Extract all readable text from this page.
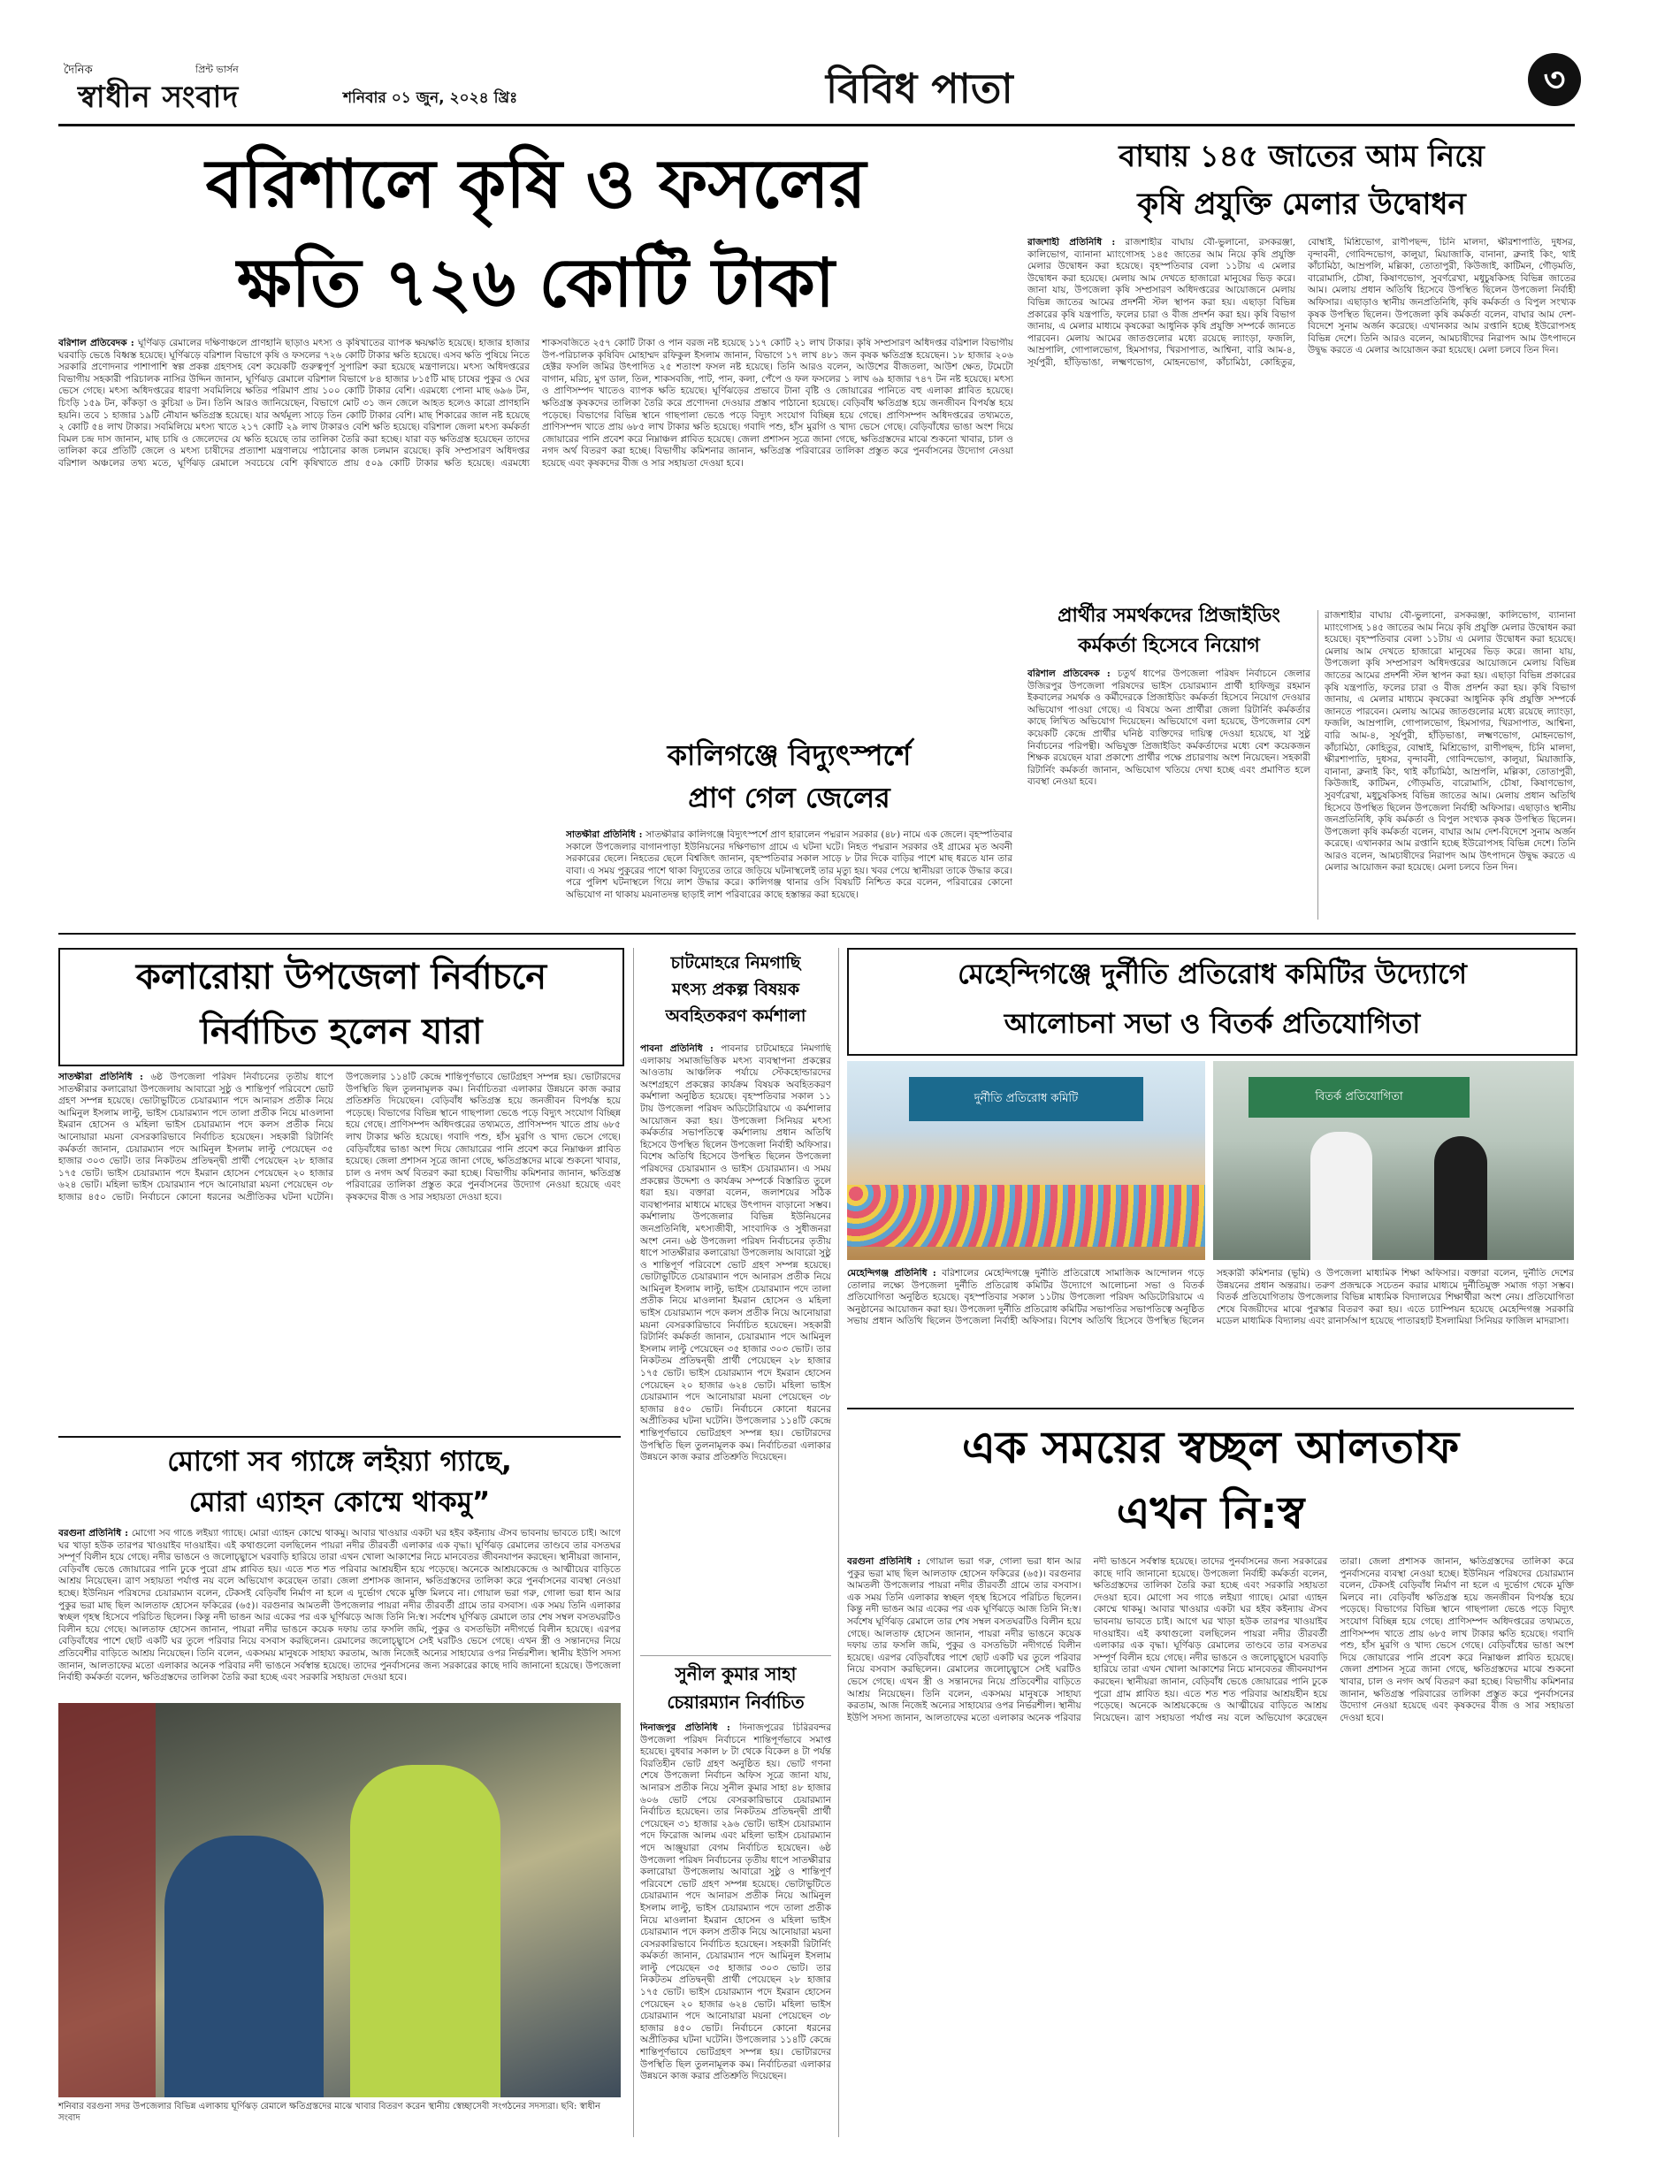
দৈনিক	প্রিন্ট ভার্সন
স্বাধীন সংবাদ	শনিবার ০১ জুন, ২০২৪ খ্রিঃ	বিবিধ পাতা	৩
বরিশালে কৃষি ও ফসলের
ক্ষতি ৭২৬ কোটি টাকা
বরিশাল প্রতিবেদক : ঘূর্ণিঝড় রেমালের দক্ষিণাঞ্চলে প্রাণহানি ছাড়াও মৎস্য ও কৃষিখাতের ব্যাপক ক্ষয়ক্ষতি হয়েছে। হাজার হাজার ঘরবাড়ি ভেঙে বিধ্বস্ত হয়েছে। ঘূর্ণিঝড়ে বরিশাল বিভাগে কৃষি ও ফসলের ৭২৬ কোটি টাকার ক্ষতি হয়েছে। এসব ক্ষতি পুষিয়ে নিতে সরকারি প্রণোদনার পাশাপাশি স্বল্প প্রকল্প গ্রহণসহ বেশ কয়েকটি গুরুত্বপূর্ণ সুপারিশ করা হয়েছে মন্ত্রণালয়ে। মৎস্য অধিদপ্তরের বিভাগীয় সহকারী পরিচালক নাসির উদ্দিন জানান, ঘূর্ণিঝড় রেমালে বরিশাল বিভাগে ৮৪ হাজার ৮১৫টি মাছ চাষের পুকুর ও ঘের ভেসে গেছে। মৎস্য অধিদপ্তরের ধারণা সবমিলিয়ে ক্ষতির পরিমাণ প্রায় ১০০ কোটি টাকার বেশি। এরমধ্যে পোনা মাছ ৬৯৬ টন, চিংড়ি ১৫৯ টন, কাঁকড়া ও কুচিয়া ৬ টন। তিনি আরও জানিয়েছেন, বিভাগে মোট ৩১ জন জেলে আহত হলেও কারো প্রাণহানি হয়নি। তবে ১ হাজার ১৯টি নৌযান ক্ষতিগ্রস্ত হয়েছে। যার অর্থমূল্য সাড়ে তিন কোটি টাকার বেশি। মাছ শিকারের জাল নষ্ট হয়েছে ২ কোটি ৫৪ লাখ টাকার। সবমিলিয়ে মৎস্য খাতে ২১৭ কোটি ২৯ লাখ টাকারও বেশি ক্ষতি হয়েছে। বরিশাল জেলা মৎস্য কর্মকর্তা বিমল চন্দ্র দাস জানান, মাছ চাষি ও জেলেদের যে ক্ষতি হয়েছে তার তালিকা তৈরি করা হচ্ছে। যারা বড় ক্ষতিগ্রস্ত হয়েছেন তাদের তালিকা করে প্রতিটি জেলে ও মৎস্য চাষীদের প্রত্যাশা মন্ত্রণালয়ে পাঠানোর কাজ চলমান রয়েছে। কৃষি সম্প্রসারণ অধিদপ্তর বরিশাল অঞ্চলের তথ্য মতে, ঘূর্ণিঝড় রেমালে সবচেয়ে বেশি কৃষিখাতে প্রায় ৫০৯ কোটি টাকার ক্ষতি হয়েছে। এরমধ্যে শাকসবজিতে ২৫৭ কোটি টাকা ও পান বরজ নষ্ট হয়েছে ১১৭ কোটি ২১ লাখ টাকার। কৃষি সম্প্রসারণ অধিদপ্তর বরিশাল বিভাগীয় উপ-পরিচালক কৃষিবিদ মোহাম্মদ রফিকুল ইসলাম জানান, বিভাগে ১৭ লাখ ৪৮১ জন কৃষক ক্ষতিগ্রস্ত হয়েছেন। ১৮ হাজার ২০৬ হেক্টর ফসলি জমির উৎপাদিত ২৫ শতাংশ ফসল নষ্ট হয়েছে। তিনি আরও বলেন, আউশের বীজতলা, আউশ ক্ষেত, টমেটো বাগান, মরিচ, মুগ ডাল, তিল, শাকসবজি, পাট, পান, কলা, পেঁপে ও ফল ফসলের ১ লাখ ৬৯ হাজার ৭৪৭ টন নষ্ট হয়েছে। মৎস্য ও প্রাণিসম্পদ খাতেও ব্যাপক ক্ষতি হয়েছে। ঘূর্ণিঝড়ের প্রভাবে টানা বৃষ্টি ও জোয়ারের পানিতে বহু এলাকা প্লাবিত হয়েছে। ক্ষতিগ্রস্ত কৃষকদের তালিকা তৈরি করে প্রণোদনা দেওয়ার প্রস্তাব পাঠানো হয়েছে। বেড়িবাঁধ ক্ষতিগ্রস্ত হয়ে জনজীবন বিপর্যস্ত হয়ে পড়েছে। বিভাগের বিভিন্ন স্থানে গাছপালা ভেঙে পড়ে বিদ্যুৎ সংযোগ বিচ্ছিন্ন হয়ে গেছে। প্রাণিসম্পদ অধিদপ্তরের তথ্যমতে, প্রাণিসম্পদ খাতে প্রায় ৬৮৫ লাখ টাকার ক্ষতি হয়েছে। গবাদি পশু, হাঁস মুরগি ও খাদ্য ভেসে গেছে। বেড়িবাঁধের ভাঙা অংশ দিয়ে জোয়ারের পানি প্রবেশ করে নিম্নাঞ্চল প্লাবিত হয়েছে। জেলা প্রশাসন সূত্রে জানা গেছে, ক্ষতিগ্রস্তদের মাঝে শুকনো খাবার, চাল ও নগদ অর্থ বিতরণ করা হচ্ছে। বিভাগীয় কমিশনার জানান, ক্ষতিগ্রস্ত পরিবারের তালিকা প্রস্তুত করে পুনর্বাসনের উদ্যোগ নেওয়া হয়েছে এবং কৃষকদের বীজ ও সার সহায়তা দেওয়া হবে।
বাঘায় ১৪৫ জাতের আম নিয়ে
কৃষি প্রযুক্তি মেলার উদ্বোধন
রাজশাহী প্রতিনিধি : রাজশাহীর বাঘায় বৌ-ভুলানো, রসকরঞ্জা, কালিভোগ, ব্যানানা ম্যাংগোসহ ১৪৫ জাতের আম নিয়ে কৃষি প্রযুক্তি মেলার উদ্বোধন করা হয়েছে। বৃহস্পতিবার বেলা ১১টায় এ মেলার উদ্বোধন করা হয়েছে। মেলায় আম দেখতে হাজারো মানুষের ভিড় করে। জানা যায়, উপজেলা কৃষি সম্প্রসারণ অধিদপ্তরের আয়োজনে মেলায় বিভিন্ন জাতের আমের প্রদর্শনী স্টল স্থাপন করা হয়। এছাড়া বিভিন্ন প্রকারের কৃষি যন্ত্রপাতি, ফলের চারা ও বীজ প্রদর্শন করা হয়। কৃষি বিভাগ জানায়, এ মেলার মাধ্যমে কৃষকেরা আধুনিক কৃষি প্রযুক্তি সম্পর্কে জানতে পারবেন। মেলায় আমের জাতগুলোর মধ্যে রয়েছে ল্যাংড়া, ফজলি, আম্রপালি, গোপালভোগ, হিমসাগর, খিরসাপাত, আশ্বিনা, বারি আম-৪, সূর্যপুরী, হাঁড়িভাঙা, লক্ষ্মণভোগ, মোহনভোগ, কাঁচামিঠা, কোহিতুর, বোম্বাই, মিশ্রিভোগ, রাণীপছন্দ, চিনি মালদা, ক্ষীরশাপাতি, দুধসর, বৃন্দাবনী, গোবিন্দভোগ, কালুয়া, মিয়াজাকি, বানানা, ব্রুনাই কিং, থাই কাঁচামিঠা, আম্রপলি, মল্লিকা, তোতাপুরী, কিউজাই, কাটিমন, গৌড়মতি, বারোমাসি, চৌষা, কিষাণভোগ, সুবর্ণরেখা, মধুচুষকিসহ বিভিন্ন জাতের আম। মেলায় প্রধান অতিথি হিসেবে উপস্থিত ছিলেন উপজেলা নির্বাহী অফিসার। এছাড়াও স্থানীয় জনপ্রতিনিধি, কৃষি কর্মকর্তা ও বিপুল সংখ্যক কৃষক উপস্থিত ছিলেন। উপজেলা কৃষি কর্মকর্তা বলেন, বাঘার আম দেশ-বিদেশে সুনাম অর্জন করেছে। এখানকার আম রপ্তানি হচ্ছে ইউরোপসহ বিভিন্ন দেশে। তিনি আরও বলেন, আমচাষীদের নিরাপদ আম উৎপাদনে উদ্বুদ্ধ করতে এ মেলার আয়োজন করা হয়েছে। মেলা চলবে তিন দিন।
প্রার্থীর সমর্থকদের প্রিজাইডিং
কর্মকর্তা হিসেবে নিয়োগ
বরিশাল প্রতিবেদক : চতুর্থ ধাপের উপজেলা পরিষদ নির্বাচনে জেলার উজিরপুর উপজেলা পরিষদের ভাইস চেয়ারম্যান প্রার্থী হাফিজুর রহমান ইকবালের সমর্থক ও কর্মীদেরকে প্রিজাইডিং কর্মকর্তা হিসেবে নিয়োগ দেওয়ার অভিযোগ পাওয়া গেছে। এ বিষয়ে অন্য প্রার্থীরা জেলা রিটার্নিং কর্মকর্তার কাছে লিখিত অভিযোগ দিয়েছেন। অভিযোগে বলা হয়েছে, উপজেলার বেশ কয়েকটি কেন্দ্রে প্রার্থীর ঘনিষ্ঠ ব্যক্তিদের দায়িত্ব দেওয়া হয়েছে, যা সুষ্ঠু নির্বাচনের পরিপন্থী। অভিযুক্ত প্রিজাইডিং কর্মকর্তাদের মধ্যে বেশ কয়েকজন শিক্ষক রয়েছেন যারা প্রকাশ্যে প্রার্থীর পক্ষে প্রচারণায় অংশ নিয়েছেন। সহকারী রিটার্নিং কর্মকর্তা জানান, অভিযোগ খতিয়ে দেখা হচ্ছে এবং প্রমাণিত হলে ব্যবস্থা নেওয়া হবে।
রাজশাহীর বাঘায় বৌ-ভুলানো, রসকরঞ্জা, কালিভোগ, ব্যানানা ম্যাংগোসহ ১৪৫ জাতের আম নিয়ে কৃষি প্রযুক্তি মেলার উদ্বোধন করা হয়েছে। বৃহস্পতিবার বেলা ১১টায় এ মেলার উদ্বোধন করা হয়েছে। মেলায় আম দেখতে হাজারো মানুষের ভিড় করে। জানা যায়, উপজেলা কৃষি সম্প্রসারণ অধিদপ্তরের আয়োজনে মেলায় বিভিন্ন জাতের আমের প্রদর্শনী স্টল স্থাপন করা হয়। এছাড়া বিভিন্ন প্রকারের কৃষি যন্ত্রপাতি, ফলের চারা ও বীজ প্রদর্শন করা হয়। কৃষি বিভাগ জানায়, এ মেলার মাধ্যমে কৃষকেরা আধুনিক কৃষি প্রযুক্তি সম্পর্কে জানতে পারবেন। মেলায় আমের জাতগুলোর মধ্যে রয়েছে ল্যাংড়া, ফজলি, আম্রপালি, গোপালভোগ, হিমসাগর, খিরসাপাত, আশ্বিনা, বারি আম-৪, সূর্যপুরী, হাঁড়িভাঙা, লক্ষ্মণভোগ, মোহনভোগ, কাঁচামিঠা, কোহিতুর, বোম্বাই, মিশ্রিভোগ, রাণীপছন্দ, চিনি মালদা, ক্ষীরশাপাতি, দুধসর, বৃন্দাবনী, গোবিন্দভোগ, কালুয়া, মিয়াজাকি, বানানা, ব্রুনাই কিং, থাই কাঁচামিঠা, আম্রপলি, মল্লিকা, তোতাপুরী, কিউজাই, কাটিমন, গৌড়মতি, বারোমাসি, চৌষা, কিষাণভোগ, সুবর্ণরেখা, মধুচুষকিসহ বিভিন্ন জাতের আম। মেলায় প্রধান অতিথি হিসেবে উপস্থিত ছিলেন উপজেলা নির্বাহী অফিসার। এছাড়াও স্থানীয় জনপ্রতিনিধি, কৃষি কর্মকর্তা ও বিপুল সংখ্যক কৃষক উপস্থিত ছিলেন। উপজেলা কৃষি কর্মকর্তা বলেন, বাঘার আম দেশ-বিদেশে সুনাম অর্জন করেছে। এখানকার আম রপ্তানি হচ্ছে ইউরোপসহ বিভিন্ন দেশে। তিনি আরও বলেন, আমচাষীদের নিরাপদ আম উৎপাদনে উদ্বুদ্ধ করতে এ মেলার আয়োজন করা হয়েছে। মেলা চলবে তিন দিন।
কালিগঞ্জে বিদ্যুৎস্পর্শে
প্রাণ গেল জেলের
সাতক্ষীরা প্রতিনিধি : সাতক্ষীরার কালিগঞ্জে বিদ্যুৎস্পর্শে প্রাণ হারালেন পদ্মরান সরকার (৪৮) নামে এক জেলে। বৃহস্পতিবার সকালে উপজেলার বাগানপাড়া ইউনিয়নের দক্ষিণভাগ গ্রামে এ ঘটনা ঘটে। নিহত পদ্মরান সরকার ওই গ্রামের মৃত অবনী সরকারের ছেলে। নিহতের ছেলে বিশ্বজিৎ জানান, বৃহস্পতিবার সকাল সাড়ে ৮ টার দিকে বাড়ির পাশে মাছ ধরতে যান তার বাবা। এ সময় পুকুরের পাশে থাকা বিদ্যুতের তারে জড়িয়ে ঘটনাস্থলেই তার মৃত্যু হয়। খবর পেয়ে স্থানীয়রা তাকে উদ্ধার করে। পরে পুলিশ ঘটনাস্থলে গিয়ে লাশ উদ্ধার করে। কালিগঞ্জ থানার ওসি বিষয়টি নিশ্চিত করে বলেন, পরিবারের কোনো অভিযোগ না থাকায় ময়নাতদন্ত ছাড়াই লাশ পরিবারের কাছে হস্তান্তর করা হয়েছে।
কলারোয়া উপজেলা নির্বাচনে
নির্বাচিত হলেন যারা
সাতক্ষীরা প্রতিনিধি : ৬ষ্ঠ উপজেলা পরিষদ নির্বাচনের তৃতীয় ধাপে সাতক্ষীরার কলারোয়া উপজেলায় আবারো সুষ্ঠু ও শান্তিপূর্ণ পরিবেশে ভোট গ্রহণ সম্পন্ন হয়েছে। ভোটাভুটিতে চেয়ারম্যান পদে আনারস প্রতীক নিয়ে আমিনুল ইসলাম লাল্টু, ভাইস চেয়ারম্যান পদে তালা প্রতীক নিয়ে মাওলানা ইমরান হোসেন ও মহিলা ভাইস চেয়ারম্যান পদে কলস প্রতীক নিয়ে আনোয়ারা ময়না বেসরকারিভাবে নির্বাচিত হয়েছেন। সহকারী রিটার্নিং কর্মকর্তা জানান, চেয়ারম্যান পদে আমিনুল ইসলাম লাল্টু পেয়েছেন ৩৫ হাজার ৩০৩ ভোট। তার নিকটতম প্রতিদ্বন্দ্বী প্রার্থী পেয়েছেন ২৮ হাজার ১৭৫ ভোট। ভাইস চেয়ারম্যান পদে ইমরান হোসেন পেয়েছেন ২০ হাজার ৬২৪ ভোট। মহিলা ভাইস চেয়ারম্যান পদে আনোয়ারা ময়না পেয়েছেন ৩৮ হাজার ৪৫০ ভোট। নির্বাচনে কোনো ধরনের অপ্রীতিকর ঘটনা ঘটেনি। উপজেলার ১১৪টি কেন্দ্রে শান্তিপূর্ণভাবে ভোটগ্রহণ সম্পন্ন হয়। ভোটারদের উপস্থিতি ছিল তুলনামূলক কম। নির্বাচিতরা এলাকার উন্নয়নে কাজ করার প্রতিশ্রুতি দিয়েছেন। বেড়িবাঁধ ক্ষতিগ্রস্ত হয়ে জনজীবন বিপর্যস্ত হয়ে পড়েছে। বিভাগের বিভিন্ন স্থানে গাছপালা ভেঙে পড়ে বিদ্যুৎ সংযোগ বিচ্ছিন্ন হয়ে গেছে। প্রাণিসম্পদ অধিদপ্তরের তথ্যমতে, প্রাণিসম্পদ খাতে প্রায় ৬৮৫ লাখ টাকার ক্ষতি হয়েছে। গবাদি পশু, হাঁস মুরগি ও খাদ্য ভেসে গেছে। বেড়িবাঁধের ভাঙা অংশ দিয়ে জোয়ারের পানি প্রবেশ করে নিম্নাঞ্চল প্লাবিত হয়েছে। জেলা প্রশাসন সূত্রে জানা গেছে, ক্ষতিগ্রস্তদের মাঝে শুকনো খাবার, চাল ও নগদ অর্থ বিতরণ করা হচ্ছে। বিভাগীয় কমিশনার জানান, ক্ষতিগ্রস্ত পরিবারের তালিকা প্রস্তুত করে পুনর্বাসনের উদ্যোগ নেওয়া হয়েছে এবং কৃষকদের বীজ ও সার সহায়তা দেওয়া হবে।
চাটমোহরে নিমগাছি
মৎস্য প্রকল্প বিষয়ক
অবহিতকরণ কর্মশালা
পাবনা প্রতিনিধি : পাবনার চাটমোহরে নিমগাছি এলাকায় সমাজভিত্তিক মৎস্য ব্যবস্থাপনা প্রকল্পের আওতায় আঞ্চলিক পর্যায়ে স্টেকহোল্ডারদের অংশগ্রহণে প্রকল্পের কার্যক্রম বিষয়ক অবহিতকরণ কর্মশালা অনুষ্ঠিত হয়েছে। বৃহস্পতিবার সকাল ১১ টায় উপজেলা পরিষদ অডিটোরিয়ামে এ কর্মশালার আয়োজন করা হয়। উপজেলা সিনিয়র মৎস্য কর্মকর্তার সভাপতিত্বে কর্মশালায় প্রধান অতিথি হিসেবে উপস্থিত ছিলেন উপজেলা নির্বাহী অফিসার। বিশেষ অতিথি হিসেবে উপস্থিত ছিলেন উপজেলা পরিষদের চেয়ারম্যান ও ভাইস চেয়ারম্যান। এ সময় প্রকল্পের উদ্দেশ্য ও কার্যক্রম সম্পর্কে বিস্তারিত তুলে ধরা হয়। বক্তারা বলেন, জলাশয়ের সঠিক ব্যবস্থাপনার মাধ্যমে মাছের উৎপাদন বাড়ানো সম্ভব। কর্মশালায় উপজেলার বিভিন্ন ইউনিয়নের জনপ্রতিনিধি, মৎস্যজীবী, সাংবাদিক ও সুধীজনরা অংশ নেন। ৬ষ্ঠ উপজেলা পরিষদ নির্বাচনের তৃতীয় ধাপে সাতক্ষীরার কলারোয়া উপজেলায় আবারো সুষ্ঠু ও শান্তিপূর্ণ পরিবেশে ভোট গ্রহণ সম্পন্ন হয়েছে। ভোটাভুটিতে চেয়ারম্যান পদে আনারস প্রতীক নিয়ে আমিনুল ইসলাম লাল্টু, ভাইস চেয়ারম্যান পদে তালা প্রতীক নিয়ে মাওলানা ইমরান হোসেন ও মহিলা ভাইস চেয়ারম্যান পদে কলস প্রতীক নিয়ে আনোয়ারা ময়না বেসরকারিভাবে নির্বাচিত হয়েছেন। সহকারী রিটার্নিং কর্মকর্তা জানান, চেয়ারম্যান পদে আমিনুল ইসলাম লাল্টু পেয়েছেন ৩৫ হাজার ৩০৩ ভোট। তার নিকটতম প্রতিদ্বন্দ্বী প্রার্থী পেয়েছেন ২৮ হাজার ১৭৫ ভোট। ভাইস চেয়ারম্যান পদে ইমরান হোসেন পেয়েছেন ২০ হাজার ৬২৪ ভোট। মহিলা ভাইস চেয়ারম্যান পদে আনোয়ারা ময়না পেয়েছেন ৩৮ হাজার ৪৫০ ভোট। নির্বাচনে কোনো ধরনের অপ্রীতিকর ঘটনা ঘটেনি। উপজেলার ১১৪টি কেন্দ্রে শান্তিপূর্ণভাবে ভোটগ্রহণ সম্পন্ন হয়। ভোটারদের উপস্থিতি ছিল তুলনামূলক কম। নির্বাচিতরা এলাকার উন্নয়নে কাজ করার প্রতিশ্রুতি দিয়েছেন।
সুনীল কুমার সাহা
চেয়ারম্যান নির্বাচিত
দিনাজপুর প্রতিনিধি : দিনাজপুরের চিরিরবন্দর উপজেলা পরিষদ নির্বাচনে শান্তিপূর্ণভাবে সমাপ্ত হয়েছে। বুধবার সকাল ৮ টা থেকে বিকেল ৪ টা পর্যন্ত বিরতিহীন ভোট গ্রহণ অনুষ্ঠিত হয়। ভোট গণনা শেষে উপজেলা নির্বাচন অফিস সূত্রে জানা যায়, আনারস প্রতীক নিয়ে সুনীল কুমার সাহা ৪৮ হাজার ৬০৬ ভোট পেয়ে বেসরকারিভাবে চেয়ারম্যান নির্বাচিত হয়েছেন। তার নিকটতম প্রতিদ্বন্দ্বী প্রার্থী পেয়েছেন ৩১ হাজার ২৯৬ ভোট। ভাইস চেয়ারম্যান পদে ফিরোজ আলম এবং মহিলা ভাইস চেয়ারম্যান পদে আঞ্জুয়ারা বেগম নির্বাচিত হয়েছেন। ৬ষ্ঠ উপজেলা পরিষদ নির্বাচনের তৃতীয় ধাপে সাতক্ষীরার কলারোয়া উপজেলায় আবারো সুষ্ঠু ও শান্তিপূর্ণ পরিবেশে ভোট গ্রহণ সম্পন্ন হয়েছে। ভোটাভুটিতে চেয়ারম্যান পদে আনারস প্রতীক নিয়ে আমিনুল ইসলাম লাল্টু, ভাইস চেয়ারম্যান পদে তালা প্রতীক নিয়ে মাওলানা ইমরান হোসেন ও মহিলা ভাইস চেয়ারম্যান পদে কলস প্রতীক নিয়ে আনোয়ারা ময়না বেসরকারিভাবে নির্বাচিত হয়েছেন। সহকারী রিটার্নিং কর্মকর্তা জানান, চেয়ারম্যান পদে আমিনুল ইসলাম লাল্টু পেয়েছেন ৩৫ হাজার ৩০৩ ভোট। তার নিকটতম প্রতিদ্বন্দ্বী প্রার্থী পেয়েছেন ২৮ হাজার ১৭৫ ভোট। ভাইস চেয়ারম্যান পদে ইমরান হোসেন পেয়েছেন ২০ হাজার ৬২৪ ভোট। মহিলা ভাইস চেয়ারম্যান পদে আনোয়ারা ময়না পেয়েছেন ৩৮ হাজার ৪৫০ ভোট। নির্বাচনে কোনো ধরনের অপ্রীতিকর ঘটনা ঘটেনি। উপজেলার ১১৪টি কেন্দ্রে শান্তিপূর্ণভাবে ভোটগ্রহণ সম্পন্ন হয়। ভোটারদের উপস্থিতি ছিল তুলনামূলক কম। নির্বাচিতরা এলাকার উন্নয়নে কাজ করার প্রতিশ্রুতি দিয়েছেন।
মেহেন্দিগঞ্জে দুর্নীতি প্রতিরোধ কমিটির উদ্যোগে
আলোচনা সভা ও বিতর্ক প্রতিযোগিতা
দুর্নীতি প্রতিরোধ কমিটি	বিতর্ক প্রতিযোগিতা
মেহেন্দিগঞ্জ প্রতিনিধি : বরিশালের মেহেন্দিগঞ্জে দুর্নীতি প্রতিরোধে সামাজিক আন্দোলন গড়ে তোলার লক্ষ্যে উপজেলা দুর্নীতি প্রতিরোধ কমিটির উদ্যোগে আলোচনা সভা ও বিতর্ক প্রতিযোগিতা অনুষ্ঠিত হয়েছে। বৃহস্পতিবার সকাল ১১টায় উপজেলা পরিষদ অডিটোরিয়ামে এ অনুষ্ঠানের আয়োজন করা হয়। উপজেলা দুর্নীতি প্রতিরোধ কমিটির সভাপতির সভাপতিত্বে অনুষ্ঠিত সভায় প্রধান অতিথি ছিলেন উপজেলা নির্বাহী অফিসার। বিশেষ অতিথি হিসেবে উপস্থিত ছিলেন সহকারী কমিশনার (ভূমি) ও উপজেলা মাধ্যমিক শিক্ষা অফিসার। বক্তারা বলেন, দুর্নীতি দেশের উন্নয়নের প্রধান অন্তরায়। তরুণ প্রজন্মকে সচেতন করার মাধ্যমে দুর্নীতিমুক্ত সমাজ গড়া সম্ভব। বিতর্ক প্রতিযোগিতায় উপজেলার বিভিন্ন মাধ্যমিক বিদ্যালয়ের শিক্ষার্থীরা অংশ নেয়। প্রতিযোগিতা শেষে বিজয়ীদের মাঝে পুরস্কার বিতরণ করা হয়। এতে চ্যাম্পিয়ন হয়েছে মেহেন্দিগঞ্জ সরকারি মডেল মাধ্যমিক বিদ্যালয় এবং রানার্সআপ হয়েছে পাতারহাট ইসলামিয়া সিনিয়র ফাজিল মাদরাসা।
এক সময়ের স্বচ্ছল আলতাফ
এখন নি:স্ব
বরগুনা প্রতিনিধি : গোয়াল ভরা গরু, গোলা ভরা ধান আর পুকুর ভরা মাছ ছিল আলতাফ হোসেন ফকিরের (৬৫)। বরগুনার আমতলী উপজেলার পায়রা নদীর তীরবর্তী গ্রামে তার বসবাস। এক সময় তিনি এলাকার স্বচ্ছল গৃহস্থ হিসেবে পরিচিত ছিলেন। কিন্তু নদী ভাঙন আর একের পর এক ঘূর্ণিঝড়ে আজ তিনি নি:স্ব। সর্বশেষ ঘূর্ণিঝড় রেমালে তার শেষ সম্বল বসতঘরটিও বিলীন হয়ে গেছে। আলতাফ হোসেন জানান, পায়রা নদীর ভাঙনে কয়েক দফায় তার ফসলি জমি, পুকুর ও বসতভিটা নদীগর্ভে বিলীন হয়েছে। এরপর বেড়িবাঁধের পাশে ছোট একটি ঘর তুলে পরিবার নিয়ে বসবাস করছিলেন। রেমালের জলোচ্ছ্বাসে সেই ঘরটিও ভেসে গেছে। এখন স্ত্রী ও সন্তানদের নিয়ে প্রতিবেশীর বাড়িতে আশ্রয় নিয়েছেন। তিনি বলেন, একসময় মানুষকে সাহায্য করতাম, আজ নিজেই অন্যের সাহায্যের ওপর নির্ভরশীল। স্থানীয় ইউপি সদস্য জানান, আলতাফের মতো এলাকার অনেক পরিবার নদী ভাঙনে সর্বস্বান্ত হয়েছে। তাদের পুনর্বাসনের জন্য সরকারের কাছে দাবি জানানো হয়েছে। উপজেলা নির্বাহী কর্মকর্তা বলেন, ক্ষতিগ্রস্তদের তালিকা তৈরি করা হচ্ছে এবং সরকারি সহায়তা দেওয়া হবে। মোগো সব গাঙে লইয়্যা গ্যাছে। মোরা এ্যাহন কোম্মে থাকমু। আবার খাওয়ার একটা ঘর হইব কইন্যায় ঐসব ভাবনায় ভাবতে চাই। আগে ঘর খাড়া হউক তারপর খাওয়াইব দাওয়াইব। এই কথাগুলো বলছিলেন পায়রা নদীর তীরবর্তী এলাকার এক বৃদ্ধা। ঘূর্ণিঝড় রেমালের তাণ্ডবে তার বসতঘর সম্পূর্ণ বিলীন হয়ে গেছে। নদীর ভাঙনে ও জলোচ্ছ্বাসে ঘরবাড়ি হারিয়ে তারা এখন খোলা আকাশের নিচে মানবেতর জীবনযাপন করছেন। স্থানীয়রা জানান, বেড়িবাঁধ ভেঙে জোয়ারের পানি ঢুকে পুরো গ্রাম প্লাবিত হয়। এতে শত শত পরিবার আশ্রয়হীন হয়ে পড়েছে। অনেকে আশ্রয়কেন্দ্রে ও আত্মীয়ের বাড়িতে আশ্রয় নিয়েছেন। ত্রাণ সহায়তা পর্যাপ্ত নয় বলে অভিযোগ করেছেন তারা। জেলা প্রশাসক জানান, ক্ষতিগ্রস্তদের তালিকা করে পুনর্বাসনের ব্যবস্থা নেওয়া হচ্ছে। ইউনিয়ন পরিষদের চেয়ারম্যান বলেন, টেকসই বেড়িবাঁধ নির্মাণ না হলে এ দুর্ভোগ থেকে মুক্তি মিলবে না। বেড়িবাঁধ ক্ষতিগ্রস্ত হয়ে জনজীবন বিপর্যস্ত হয়ে পড়েছে। বিভাগের বিভিন্ন স্থানে গাছপালা ভেঙে পড়ে বিদ্যুৎ সংযোগ বিচ্ছিন্ন হয়ে গেছে। প্রাণিসম্পদ অধিদপ্তরের তথ্যমতে, প্রাণিসম্পদ খাতে প্রায় ৬৮৫ লাখ টাকার ক্ষতি হয়েছে। গবাদি পশু, হাঁস মুরগি ও খাদ্য ভেসে গেছে। বেড়িবাঁধের ভাঙা অংশ দিয়ে জোয়ারের পানি প্রবেশ করে নিম্নাঞ্চল প্লাবিত হয়েছে। জেলা প্রশাসন সূত্রে জানা গেছে, ক্ষতিগ্রস্তদের মাঝে শুকনো খাবার, চাল ও নগদ অর্থ বিতরণ করা হচ্ছে। বিভাগীয় কমিশনার জানান, ক্ষতিগ্রস্ত পরিবারের তালিকা প্রস্তুত করে পুনর্বাসনের উদ্যোগ নেওয়া হয়েছে এবং কৃষকদের বীজ ও সার সহায়তা দেওয়া হবে।
মোগো সব গ্যাঙ্গে লইয়্যা গ্যাছে,
মোরা এ্যাহন কোম্মে থাকমু”
বরগুনা প্রতিনিধি : মোগো সব গাঙে লইয়্যা গ্যাছে। মোরা এ্যাহন কোম্মে থাকমু। আবার খাওয়ার একটা ঘর হইব কইন্যায় ঐসব ভাবনায় ভাবতে চাই। আগে ঘর খাড়া হউক তারপর খাওয়াইব দাওয়াইব। এই কথাগুলো বলছিলেন পায়রা নদীর তীরবর্তী এলাকার এক বৃদ্ধা। ঘূর্ণিঝড় রেমালের তাণ্ডবে তার বসতঘর সম্পূর্ণ বিলীন হয়ে গেছে। নদীর ভাঙনে ও জলোচ্ছ্বাসে ঘরবাড়ি হারিয়ে তারা এখন খোলা আকাশের নিচে মানবেতর জীবনযাপন করছেন। স্থানীয়রা জানান, বেড়িবাঁধ ভেঙে জোয়ারের পানি ঢুকে পুরো গ্রাম প্লাবিত হয়। এতে শত শত পরিবার আশ্রয়হীন হয়ে পড়েছে। অনেকে আশ্রয়কেন্দ্রে ও আত্মীয়ের বাড়িতে আশ্রয় নিয়েছেন। ত্রাণ সহায়তা পর্যাপ্ত নয় বলে অভিযোগ করেছেন তারা। জেলা প্রশাসক জানান, ক্ষতিগ্রস্তদের তালিকা করে পুনর্বাসনের ব্যবস্থা নেওয়া হচ্ছে। ইউনিয়ন পরিষদের চেয়ারম্যান বলেন, টেকসই বেড়িবাঁধ নির্মাণ না হলে এ দুর্ভোগ থেকে মুক্তি মিলবে না। গোয়াল ভরা গরু, গোলা ভরা ধান আর পুকুর ভরা মাছ ছিল আলতাফ হোসেন ফকিরের (৬৫)। বরগুনার আমতলী উপজেলার পায়রা নদীর তীরবর্তী গ্রামে তার বসবাস। এক সময় তিনি এলাকার স্বচ্ছল গৃহস্থ হিসেবে পরিচিত ছিলেন। কিন্তু নদী ভাঙন আর একের পর এক ঘূর্ণিঝড়ে আজ তিনি নি:স্ব। সর্বশেষ ঘূর্ণিঝড় রেমালে তার শেষ সম্বল বসতঘরটিও বিলীন হয়ে গেছে। আলতাফ হোসেন জানান, পায়রা নদীর ভাঙনে কয়েক দফায় তার ফসলি জমি, পুকুর ও বসতভিটা নদীগর্ভে বিলীন হয়েছে। এরপর বেড়িবাঁধের পাশে ছোট একটি ঘর তুলে পরিবার নিয়ে বসবাস করছিলেন। রেমালের জলোচ্ছ্বাসে সেই ঘরটিও ভেসে গেছে। এখন স্ত্রী ও সন্তানদের নিয়ে প্রতিবেশীর বাড়িতে আশ্রয় নিয়েছেন। তিনি বলেন, একসময় মানুষকে সাহায্য করতাম, আজ নিজেই অন্যের সাহায্যের ওপর নির্ভরশীল। স্থানীয় ইউপি সদস্য জানান, আলতাফের মতো এলাকার অনেক পরিবার নদী ভাঙনে সর্বস্বান্ত হয়েছে। তাদের পুনর্বাসনের জন্য সরকারের কাছে দাবি জানানো হয়েছে। উপজেলা নির্বাহী কর্মকর্তা বলেন, ক্ষতিগ্রস্তদের তালিকা তৈরি করা হচ্ছে এবং সরকারি সহায়তা দেওয়া হবে।
শনিবার বরগুনা সদর উপজেলার বিভিন্ন এলাকায় ঘূর্ণিঝড় রেমালে ক্ষতিগ্রস্তদের মাঝে খাবার বিতরণ করেন স্থানীয় স্বেচ্ছাসেবী সংগঠনের সদস্যরা। ছবি: স্বাধীন সংবাদ
